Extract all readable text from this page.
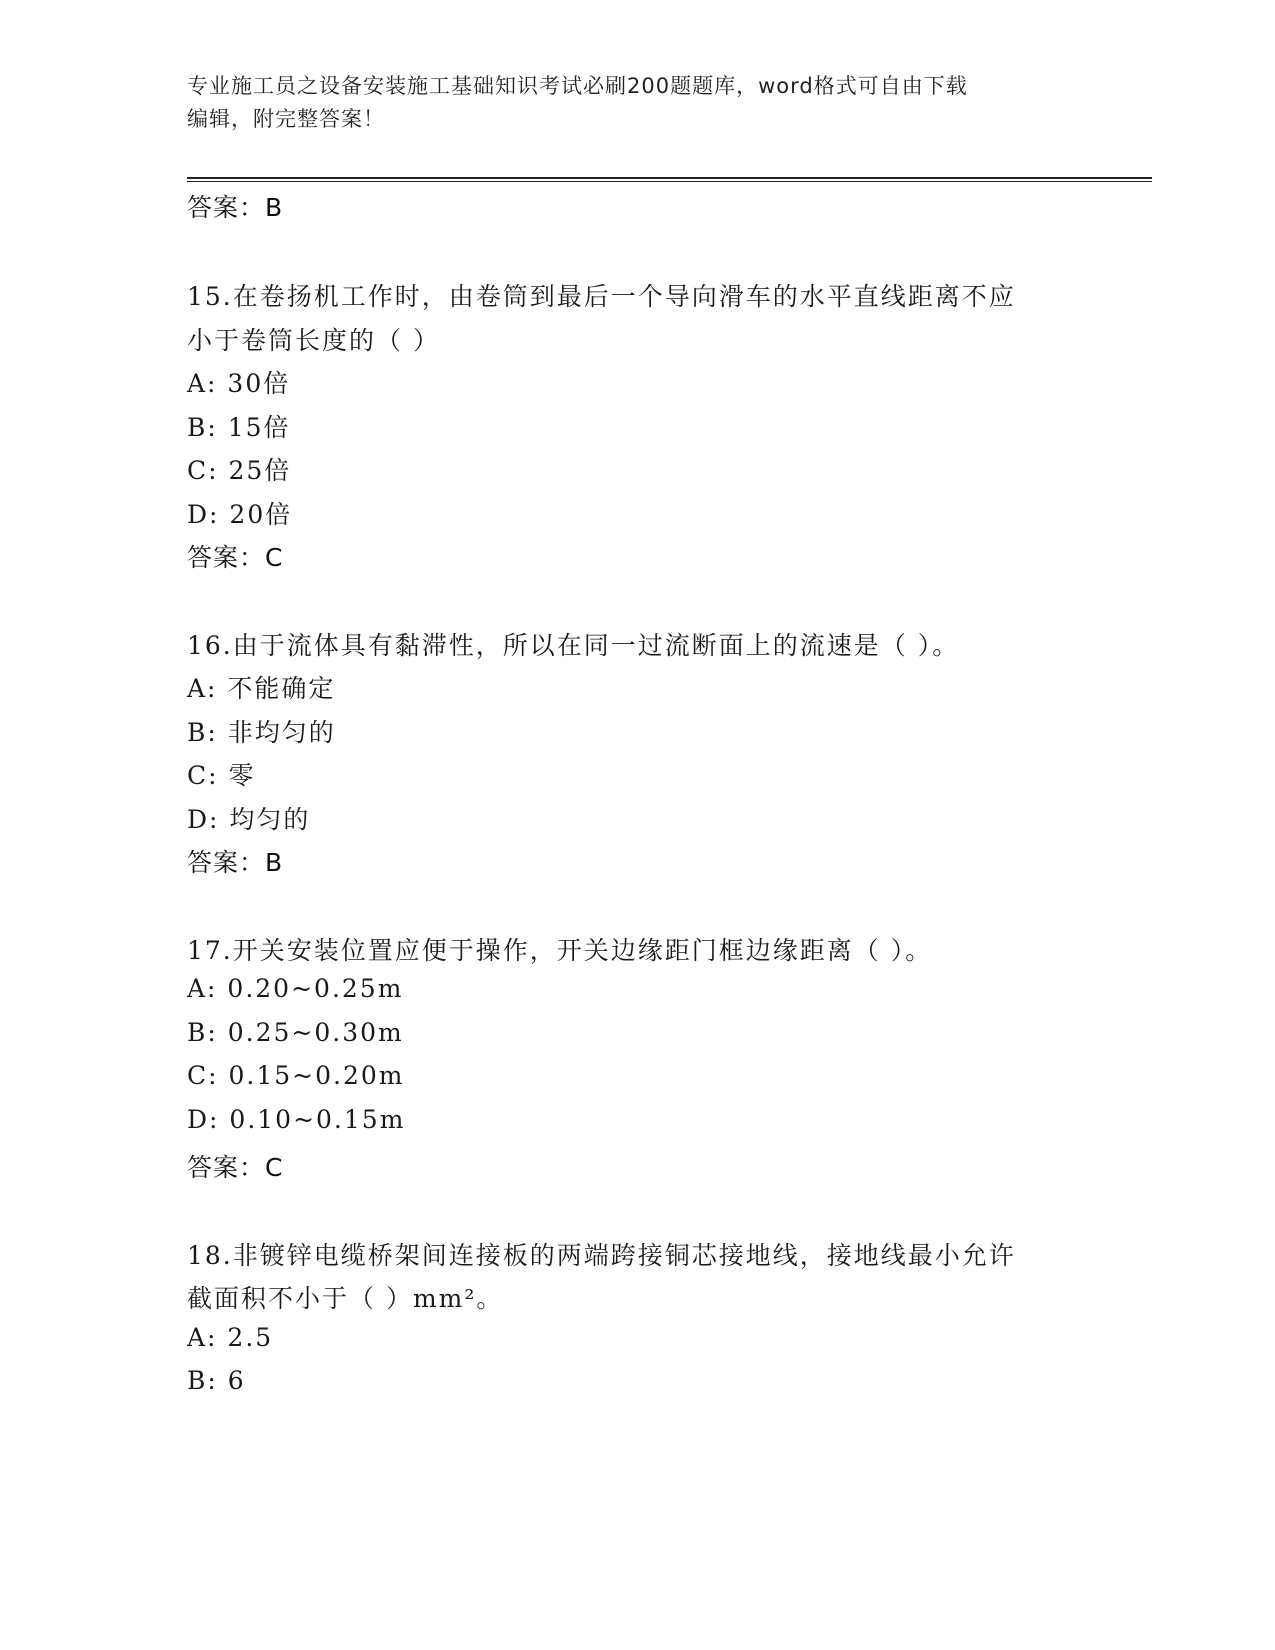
专业施工员之设备安装施工基础知识考试必刷200题题库，word格式可自由下载
编辑，附完整答案！
答案：B
15.在卷扬机工作时，由卷筒到最后一个导向滑车的水平直线距离不应
小于卷筒长度的（ ）
A: 30倍
B: 15倍
C: 25倍
D: 20倍
答案：C
16.由于流体具有黏滞性，所以在同一过流断面上的流速是（ ）。
A: 不能确定
B: 非均匀的
C: 零
D: 均匀的
答案：B
17.开关安装位置应便于操作，开关边缘距门框边缘距离（ ）。
A: 0.20~0.25m
B: 0.25~0.30m
C: 0.15~0.20m
D: 0.10~0.15m
答案：C
18.非镀锌电缆桥架间连接板的两端跨接铜芯接地线，接地线最小允许
截面积不小于（ ）mm²。
A: 2.5
B: 6
